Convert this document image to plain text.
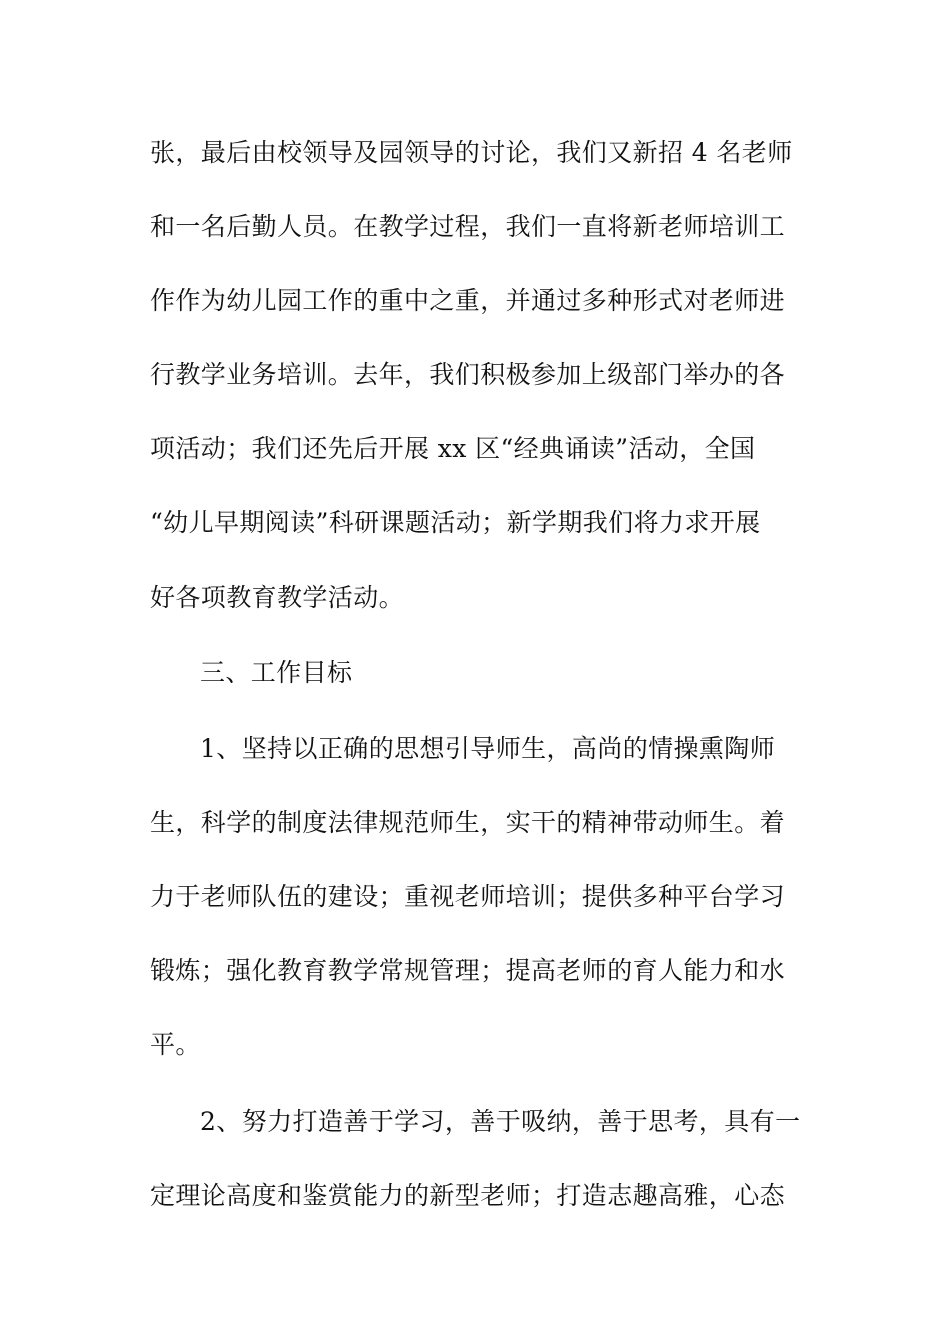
张，最后由校领导及园领导的讨论，我们又新招 4 名老师
和一名后勤人员。在教学过程，我们一直将新老师培训工
作作为幼儿园工作的重中之重，并通过多种形式对老师进
行教学业务培训。去年，我们积极参加上级部门举办的各
项活动；我们还先后开展 xx 区“经典诵读”活动，全国
“幼儿早期阅读”科研课题活动；新学期我们将力求开展
好各项教育教学活动。
三、工作目标
1、坚持以正确的思想引导师生，高尚的情操熏陶师
生，科学的制度法律规范师生，实干的精神带动师生。着
力于老师队伍的建设；重视老师培训；提供多种平台学习
锻炼；强化教育教学常规管理；提高老师的育人能力和水
平。
2、努力打造善于学习，善于吸纳，善于思考，具有一
定理论高度和鉴赏能力的新型老师；打造志趣高雅，心态
